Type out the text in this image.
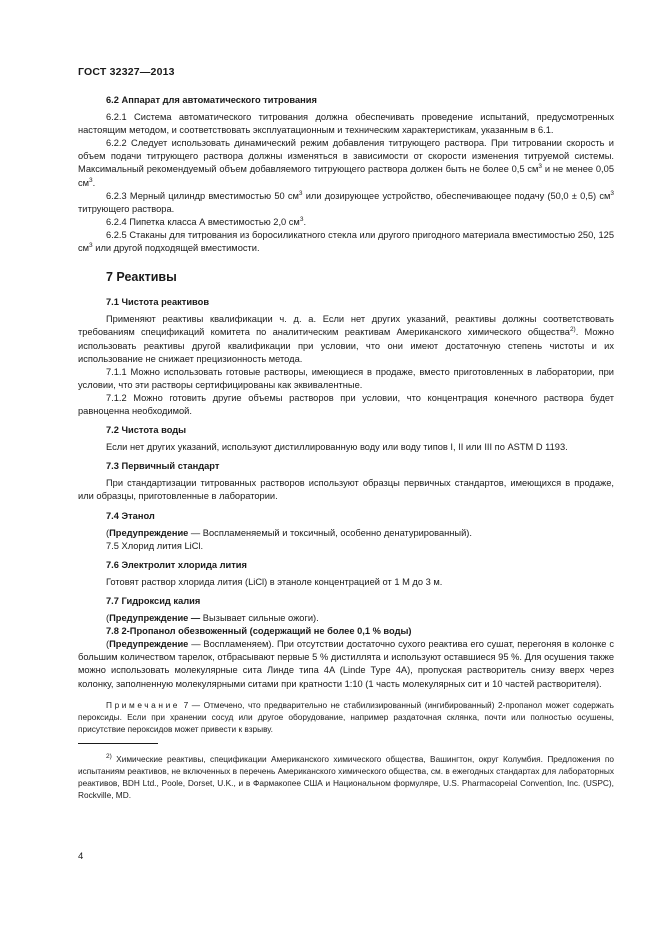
ГОСТ 32327—2013

6.2 Аппарат для автоматического титрования

6.2.1 Система автоматического титрования должна обеспечивать проведение испытаний, предусмотренных настоящим методом, и соответствовать эксплуатационным и техническим характеристикам, указанным в 6.1.

6.2.2 Следует использовать динамический режим добавления титрующего раствора. При титровании скорость и объем подачи титрующего раствора должны изменяться в зависимости от скорости изменения титруемой системы. Максимальный рекомендуемый объем добавляемого титрующего раствора должен быть не более 0,5 $см^3$ и не менее 0,05 $см^3$.

6.2.3 Мерный цилиндр вместимостью 50 $см^3$ или дозирующее устройство, обеспечивающее подачу (50,0 ± 0,5) $см^3$ титрующего раствора.

6.2.4 Пипетка класса А вместимостью 2,0 $см^3$.

6.2.5 Стаканы для титрования из боросиликатного стекла или другого пригодного материала вместимостью 250, 125 $см^3$ или другой подходящей вместимости.

7 Реактивы

7.1 Чистота реактивов

Применяют реактивы квалификации ч. д. а. Если нет других указаний, реактивы должны соответствовать требованиям спецификаций комитета по аналитическим реактивам Американского химического общества$^{2)}$. Можно использовать реактивы другой квалификации при условии, что они имеют достаточную степень чистоты и их использование не снижает прецизионность метода.

7.1.1 Можно использовать готовые растворы, имеющиеся в продаже, вместо приготовленных в лаборатории, при условии, что эти растворы сертифицированы как эквивалентные.

7.1.2 Можно готовить другие объемы растворов при условии, что концентрация конечного раствора будет равноценна необходимой.

7.2 Чистота воды

Если нет других указаний, используют дистиллированную воду или воду типов I, II или III по ASTM D 1193.

7.3 Первичный стандарт

При стандартизации титрованных растворов используют образцы первичных стандартов, имеющихся в продаже, или образцы, приготовленные в лаборатории.

7.4 Этанол

(Предупреждение — Воспламеняемый и токсичный, особенно денатурированный).

7.5 Хлорид лития LiCl.

7.6 Электролит хлорида лития

Готовят раствор хлорида лития (LiCl) в этаноле концентрацией от 1 М до 3 м.

7.7 Гидроксид калия

(Предупреждение — Вызывает сильные ожоги).

7.8 2-Пропанол обезвоженный (содержащий не более 0,1 % воды)

(Предупреждение — Воспламеняем). При отсутствии достаточно сухого реактива его сушат, перегоняя в колонке с большим количеством тарелок, отбрасывают первые 5 % дистиллята и используют оставшиеся 95 %. Для осушения также можно использовать молекулярные сита Линде типа 4A (Linde Type 4A), пропуская растворитель снизу вверх через колонку, заполненную молекулярными ситами при кратности 1:10 (1 часть молекулярных сит и 10 частей растворителя).

Примечание 7 — Отмечено, что предварительно не стабилизированный (ингибированный) 2-пропанол может содержать пероксиды. Если при хранении сосуд или другое оборудование, например раздаточная склянка, почти или полностью осушены, присутствие пероксидов может привести к взрыву.

$^{2)}$ Химические реактивы, спецификации Американского химического общества, Вашингтон, округ Колумбия. Предложения по испытаниям реактивов, не включенных в перечень Американского химического общества, см. в ежегодных стандартах для лабораторных реактивов, BDH Ltd., Poole, Dorset, U.K., и в Фармакопее США и Национальном формуляре, U.S. Pharmacopeial Convention, Inc. (USPC), Rockville, MD.

4
